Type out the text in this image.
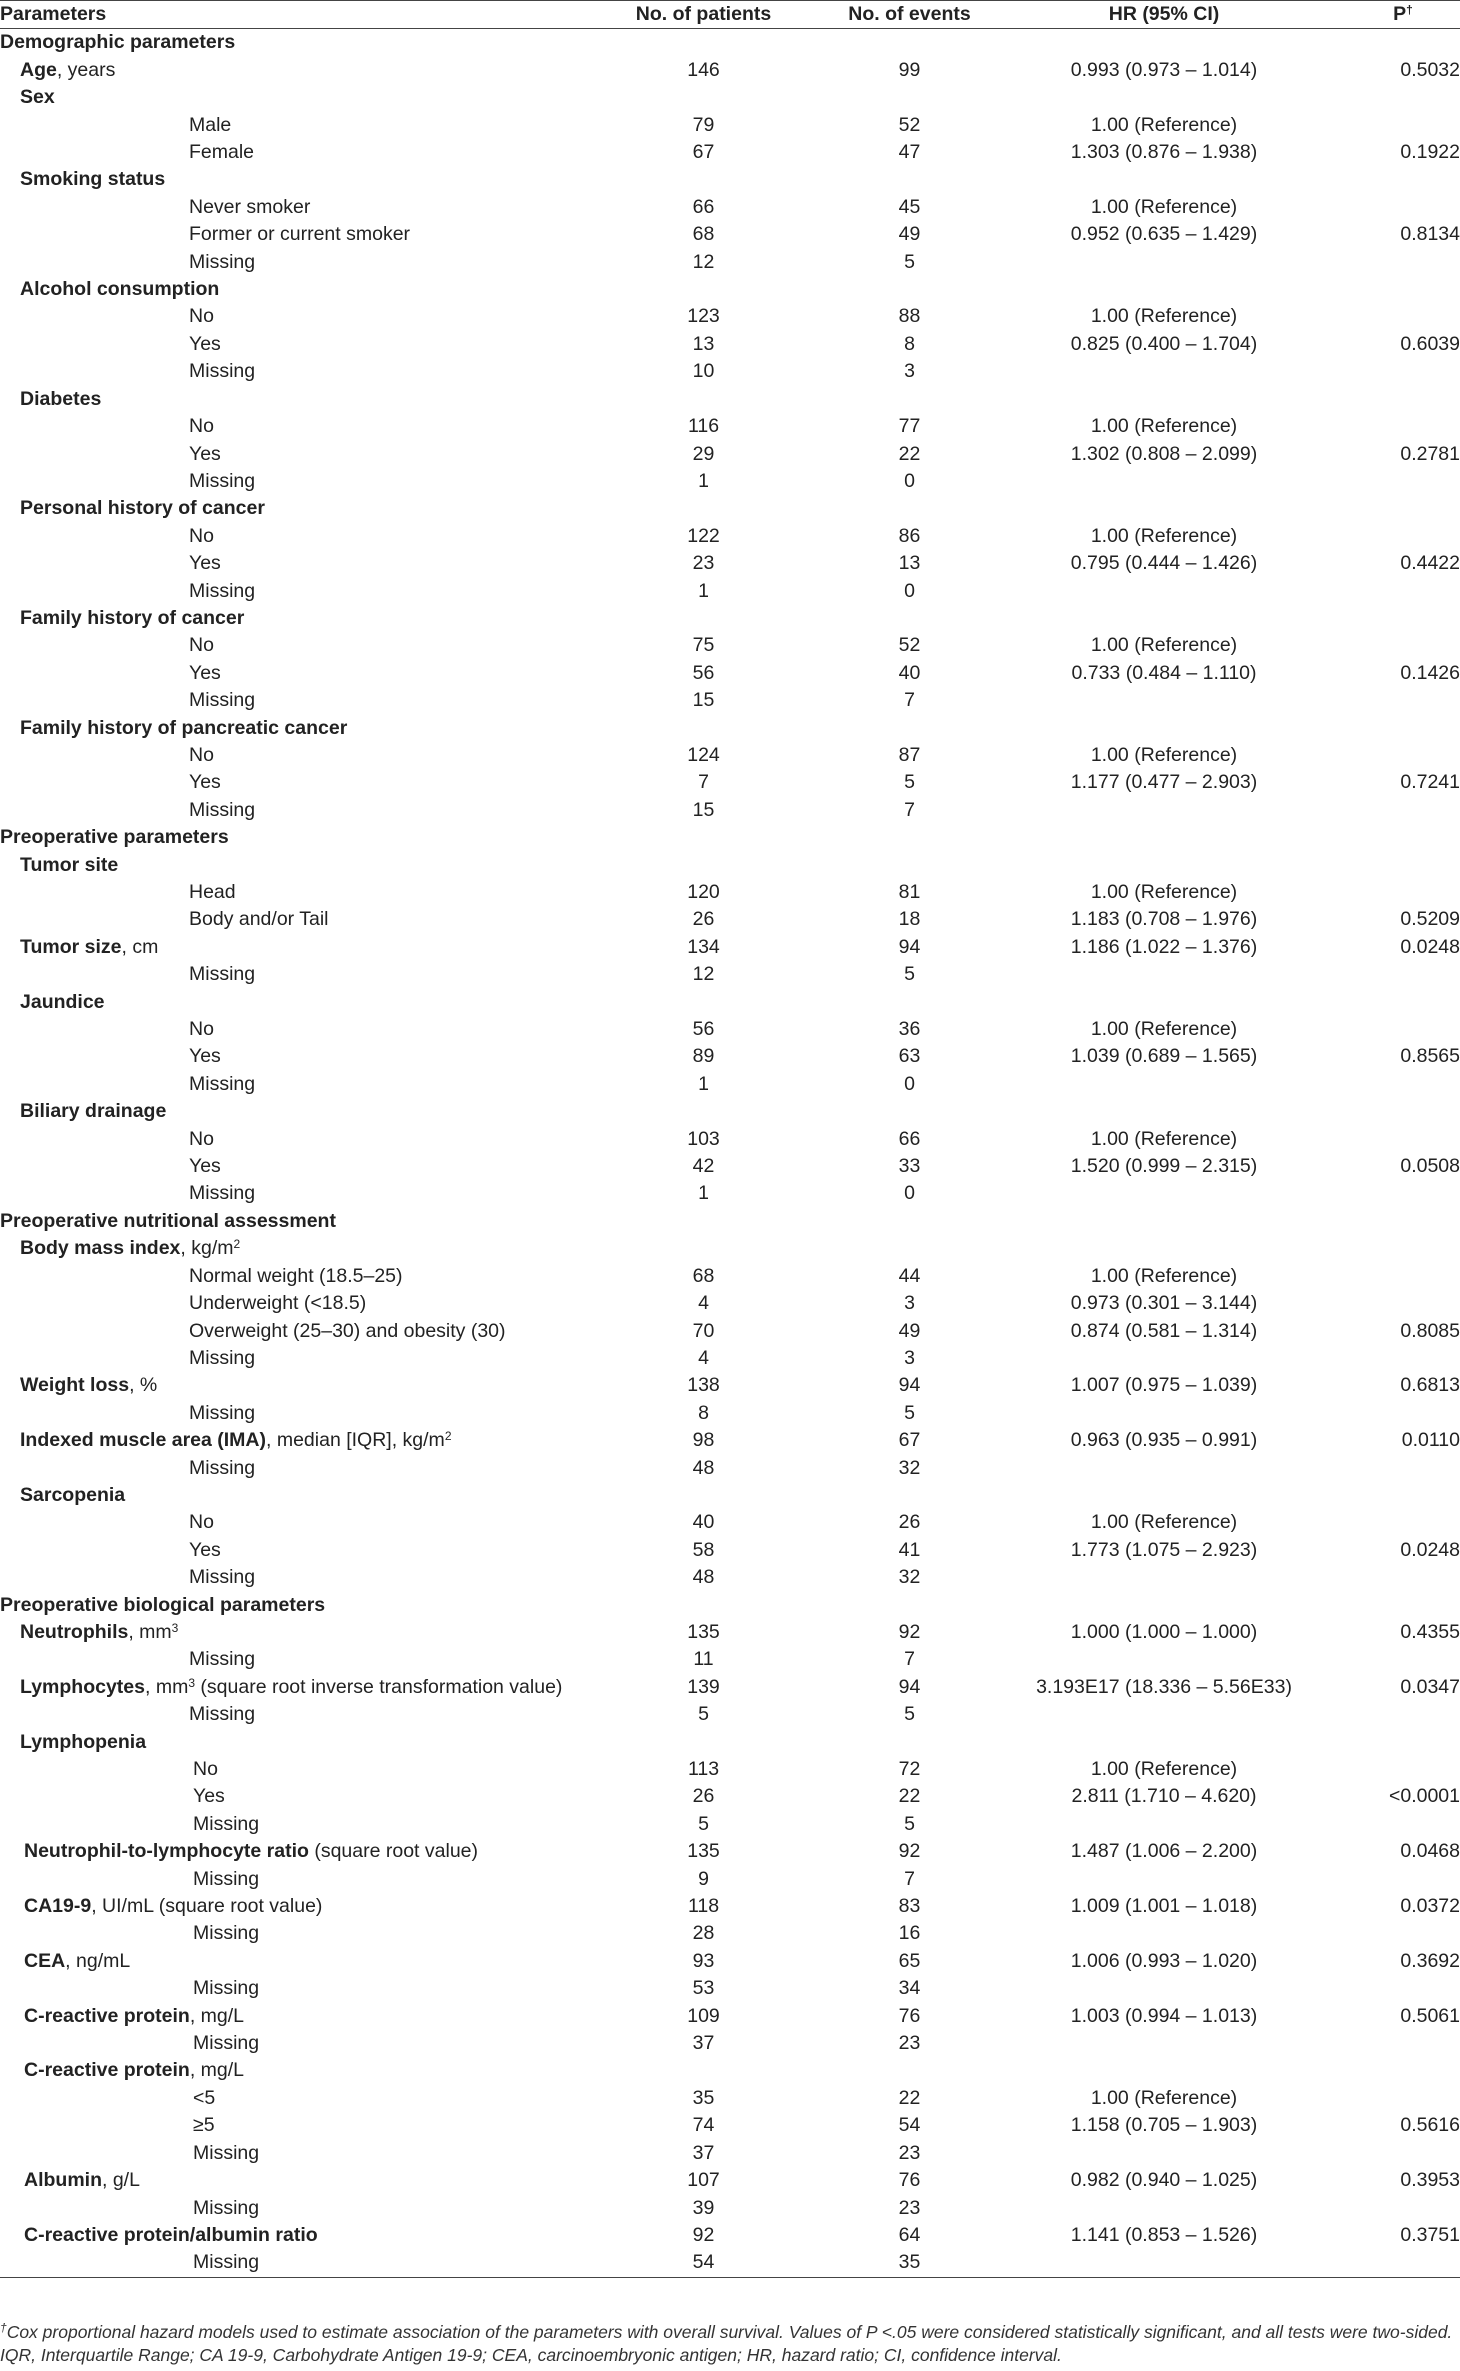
Parameters	No. of patients	No. of events	HR (95% CI)	P†
Demographic parameters				
Age, years	146	99	0.993 (0.973 – 1.014)	0.5032
Sex				
Male	79	52	1.00 (Reference)	
Female	67	47	1.303 (0.876 – 1.938)	0.1922
Smoking status				
Never smoker	66	45	1.00 (Reference)	
Former or current smoker	68	49	0.952 (0.635 – 1.429)	0.8134
Missing	12	5		
Alcohol consumption				
No	123	88	1.00 (Reference)	
Yes	13	8	0.825 (0.400 – 1.704)	0.6039
Missing	10	3		
Diabetes				
No	116	77	1.00 (Reference)	
Yes	29	22	1.302 (0.808 – 2.099)	0.2781
Missing	1	0		
Personal history of cancer				
No	122	86	1.00 (Reference)	
Yes	23	13	0.795 (0.444 – 1.426)	0.4422
Missing	1	0		
Family history of cancer				
No	75	52	1.00 (Reference)	
Yes	56	40	0.733 (0.484 – 1.110)	0.1426
Missing	15	7		
Family history of pancreatic cancer				
No	124	87	1.00 (Reference)	
Yes	7	5	1.177 (0.477 – 2.903)	0.7241
Missing	15	7		
Preoperative parameters				
Tumor site				
Head	120	81	1.00 (Reference)	
Body and/or Tail	26	18	1.183 (0.708 – 1.976)	0.5209
Tumor size, cm	134	94	1.186 (1.022 – 1.376)	0.0248
Missing	12	5		
Jaundice				
No	56	36	1.00 (Reference)	
Yes	89	63	1.039 (0.689 – 1.565)	0.8565
Missing	1	0		
Biliary drainage				
No	103	66	1.00 (Reference)	
Yes	42	33	1.520 (0.999 – 2.315)	0.0508
Missing	1	0		
Preoperative nutritional assessment				
Body mass index, $kg/m^2$				
Normal weight (18.5–25)	68	44	1.00 (Reference)	
Underweight (<18.5)	4	3	0.973 (0.301 – 3.144)	
Overweight (25–30) and obesity (30)	70	49	0.874 (0.581 – 1.314)	0.8085
Missing	4	3		
Weight loss, %	138	94	1.007 (0.975 – 1.039)	0.6813
Missing	8	5		
Indexed muscle area (IMA), median [IQR], $kg/m^2$	98	67	0.963 (0.935 – 0.991)	0.0110
Missing	48	32		
Sarcopenia				
No	40	26	1.00 (Reference)	
Yes	58	41	1.773 (1.075 – 2.923)	0.0248
Missing	48	32		
Preoperative biological parameters				
Neutrophils, $mm^3$	135	92	1.000 (1.000 – 1.000)	0.4355
Missing	11	7		
Lymphocytes, $mm^3$ (square root inverse transformation value)	139	94	3.193E17 (18.336 – 5.56E33)	0.0347
Missing	5	5		
Lymphopenia				
No	113	72	1.00 (Reference)	
Yes	26	22	2.811 (1.710 – 4.620)	<0.0001
Missing	5	5		
Neutrophil-to-lymphocyte ratio (square root value)	135	92	1.487 (1.006 – 2.200)	0.0468
Missing	9	7		
CA19-9, UI/mL (square root value)	118	83	1.009 (1.001 – 1.018)	0.0372
Missing	28	16		
CEA, ng/mL	93	65	1.006 (0.993 – 1.020)	0.3692
Missing	53	34		
C-reactive protein, mg/L	109	76	1.003 (0.994 – 1.013)	0.5061
Missing	37	23		
C-reactive protein, mg/L				
<5	35	22	1.00 (Reference)	
≥5	74	54	1.158 (0.705 – 1.903)	0.5616
Missing	37	23		
Albumin, g/L	107	76	0.982 (0.940 – 1.025)	0.3953
Missing	39	23		
C-reactive protein/albumin ratio	92	64	1.141 (0.853 – 1.526)	0.3751
Missing	54	35		
†Cox proportional hazard models used to estimate association of the parameters with overall survival. Values of P <.05 were considered statistically significant, and all tests were two-sided.
IQR, Interquartile Range; CA 19-9, Carbohydrate Antigen 19-9; CEA, carcinoembryonic antigen; HR, hazard ratio; CI, confidence interval.
